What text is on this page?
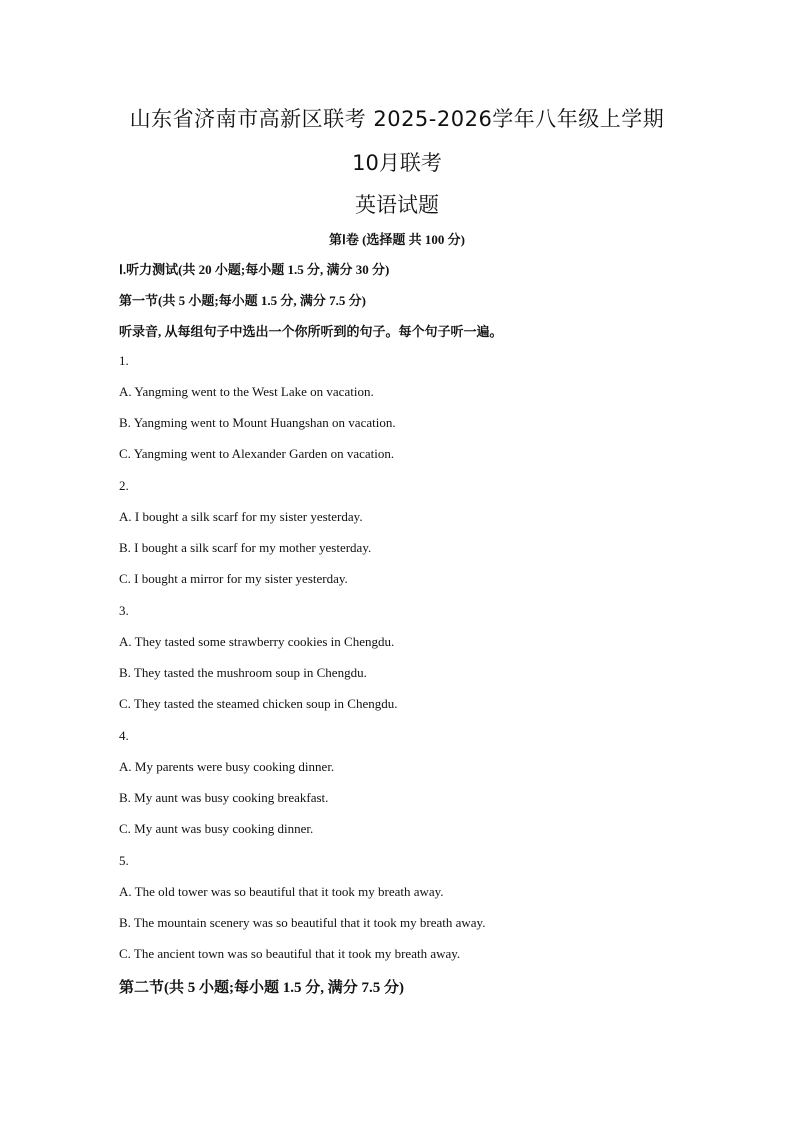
山东省济南市高新区联考 2025-2026学年八年级上学期
10月联考
英语试题
第Ⅰ卷 (选择题 共 100 分)
Ⅰ.听力测试(共 20 小题;每小题 1.5 分, 满分 30 分)
第一节(共 5 小题;每小题 1.5 分, 满分 7.5 分)
听录音, 从每组句子中选出一个你所听到的句子。每个句子听一遍。
1.
A. Yangming went to the West Lake on vacation.
B. Yangming went to Mount Huangshan on vacation.
C. Yangming went to Alexander Garden on vacation.
2.
A. I bought a silk scarf for my sister yesterday.
B. I bought a silk scarf for my mother yesterday.
C. I bought a mirror for my sister yesterday.
3.
A. They tasted some strawberry cookies in Chengdu.
B. They tasted the mushroom soup in Chengdu.
C. They tasted the steamed chicken soup in Chengdu.
4.
A. My parents were busy cooking dinner.
B. My aunt was busy cooking breakfast.
C. My aunt was busy cooking dinner.
5.
A. The old tower was so beautiful that it took my breath away.
B. The mountain scenery was so beautiful that it took my breath away.
C. The ancient town was so beautiful that it took my breath away.
第二节(共 5 小题;每小题 1.5 分, 满分 7.5 分)
